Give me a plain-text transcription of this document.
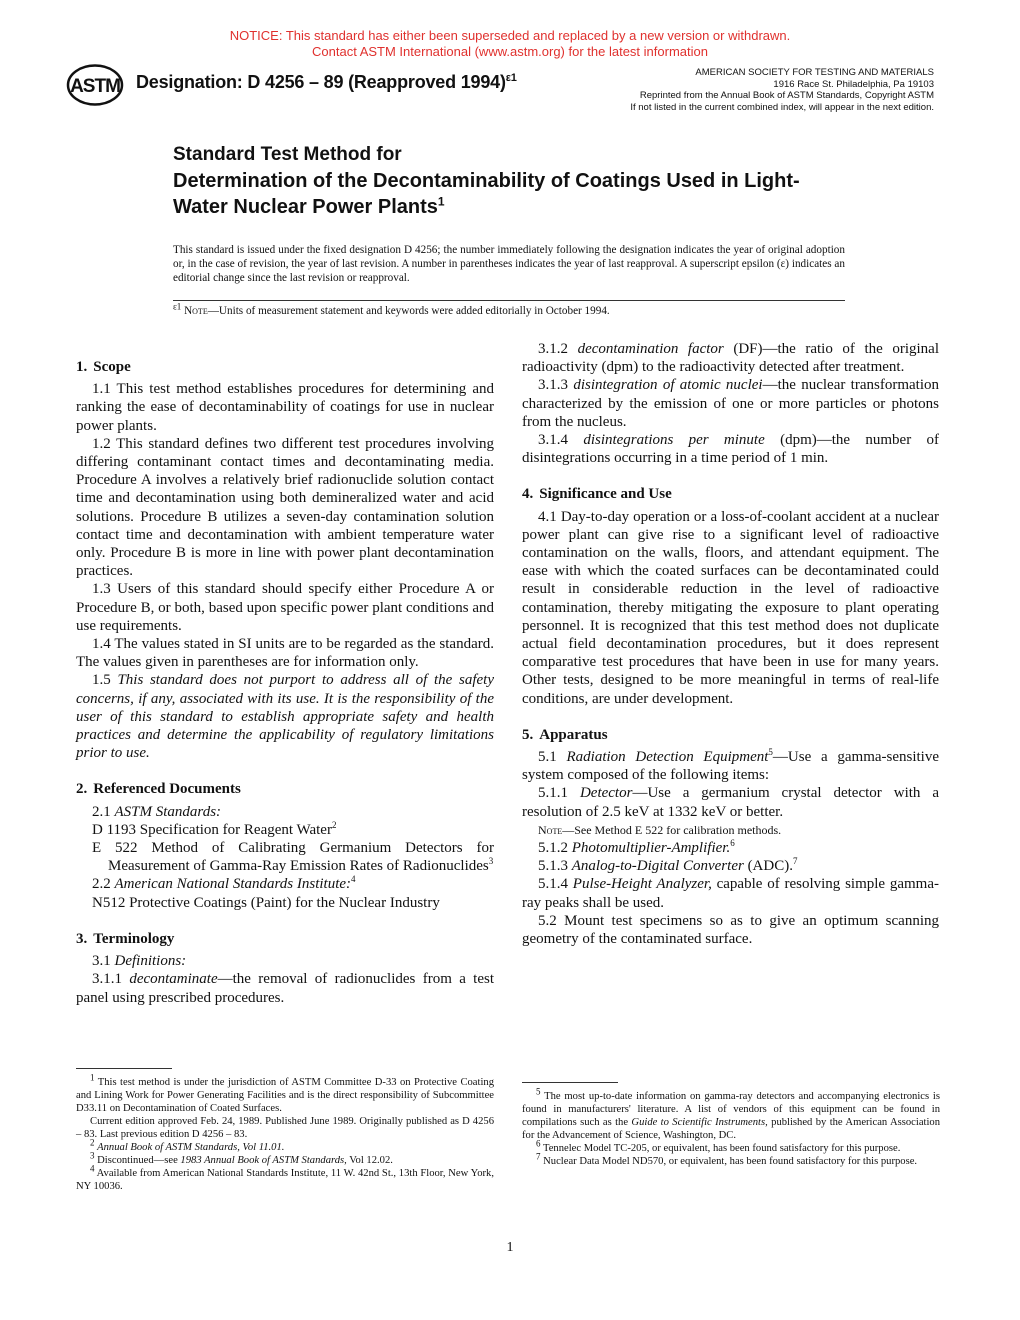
NOTICE: This standard has either been superseded and replaced by a new version or withdrawn.
Contact ASTM International (www.astm.org) for the latest information
ASTM Designation: D 4256 – 89 (Reapproved 1994)$^{\varepsilon 1}$	AMERICAN SOCIETY FOR TESTING AND MATERIALS
1916 Race St. Philadelphia, Pa 19103
Reprinted from the Annual Book of ASTM Standards, Copyright ASTM
If not listed in the current combined index, will appear in the next edition.
Standard Test Method for
Determination of the Decontaminability of Coatings Used in Light-Water Nuclear Power Plants$^1$
This standard is issued under the fixed designation D 4256; the number immediately following the designation indicates the year of original adoption or, in the case of revision, the year of last revision. A number in parentheses indicates the year of last reapproval. A superscript epsilon (ε) indicates an editorial change since the last revision or reapproval.
$^{\varepsilon 1}$ Note—Units of measurement statement and keywords were added editorially in October 1994.
1. Scope

1.1 This test method establishes procedures for determining and ranking the ease of decontaminability of coatings for use in nuclear power plants.

1.2 This standard defines two different test procedures involving differing contaminant contact times and decontaminating media. Procedure A involves a relatively brief radionuclide solution contact time and decontamination using both demineralized water and acid solutions. Procedure B utilizes a seven-day contamination solution contact time and decontamination with ambient temperature water only. Procedure B is more in line with power plant decontamination practices.

1.3 Users of this standard should specify either Procedure A or Procedure B, or both, based upon specific power plant conditions and use requirements.

1.4 The values stated in SI units are to be regarded as the standard. The values given in parentheses are for information only.

1.5 This standard does not purport to address all of the safety concerns, if any, associated with its use. It is the responsibility of the user of this standard to establish appropriate safety and health practices and determine the applicability of regulatory limitations prior to use.

2. Referenced Documents

2.1 ASTM Standards:

D 1193 Specification for Reagent Water$^2$

E 522 Method of Calibrating Germanium Detectors for Measurement of Gamma-Ray Emission Rates of Radionuclides$^3$

2.2 American National Standards Institute:$^4$

N512 Protective Coatings (Paint) for the Nuclear Industry

3. Terminology

3.1 Definitions:

3.1.1 decontaminate—the removal of radionuclides from a test panel using prescribed procedures.

3.1.2 decontamination factor (DF)—the ratio of the original radioactivity (dpm) to the radioactivity detected after treatment.

3.1.3 disintegration of atomic nuclei—the nuclear transformation characterized by the emission of one or more particles or photons from the nucleus.

3.1.4 disintegrations per minute (dpm)—the number of disintegrations occurring in a time period of 1 min.

4. Significance and Use

4.1 Day-to-day operation or a loss-of-coolant accident at a nuclear power plant can give rise to a significant level of radioactive contamination on the walls, floors, and attendant equipment. The ease with which the coated surfaces can be decontaminated could result in considerable reduction in the level of radioactive contamination, thereby mitigating the exposure to plant operating personnel. It is recognized that this test method does not duplicate actual field decontamination procedures, but it does represent comparative test procedures that have been in use for many years. Other tests, designed to be more meaningful in terms of real-life conditions, are under development.

5. Apparatus

5.1 Radiation Detection Equipment$^5$—Use a gamma-sensitive system composed of the following items:

5.1.1 Detector—Use a germanium crystal detector with a resolution of 2.5 keV at 1332 keV or better.

Note—See Method E 522 for calibration methods.

5.1.2 Photomultiplier-Amplifier.$^6$

5.1.3 Analog-to-Digital Converter (ADC).$^7$

5.1.4 Pulse-Height Analyzer, capable of resolving simple gamma-ray peaks shall be used.

5.2 Mount test specimens so as to give an optimum scanning geometry of the contaminated surface.

$^1$ This test method is under the jurisdiction of ASTM Committee D-33 on Protective Coating and Lining Work for Power Generating Facilities and is the direct responsibility of Subcommittee D33.11 on Decontamination of Coated Surfaces.

Current edition approved Feb. 24, 1989. Published June 1989. Originally published as D 4256 – 83. Last previous edition D 4256 – 83.

$^2$ Annual Book of ASTM Standards, Vol 11.01.

$^3$ Discontinued—see 1983 Annual Book of ASTM Standards, Vol 12.02.

$^4$ Available from American National Standards Institute, 11 W. 42nd St., 13th Floor, New York, NY 10036.

$^5$ The most up-to-date information on gamma-ray detectors and accompanying electronics is found in manufacturers' literature. A list of vendors of this equipment can be found in compilations such as the Guide to Scientific Instruments, published by the American Association for the Advancement of Science, Washington, DC.

$^6$ Tennelec Model TC-205, or equivalent, has been found satisfactory for this purpose.

$^7$ Nuclear Data Model ND570, or equivalent, has been found satisfactory for this purpose.

1
